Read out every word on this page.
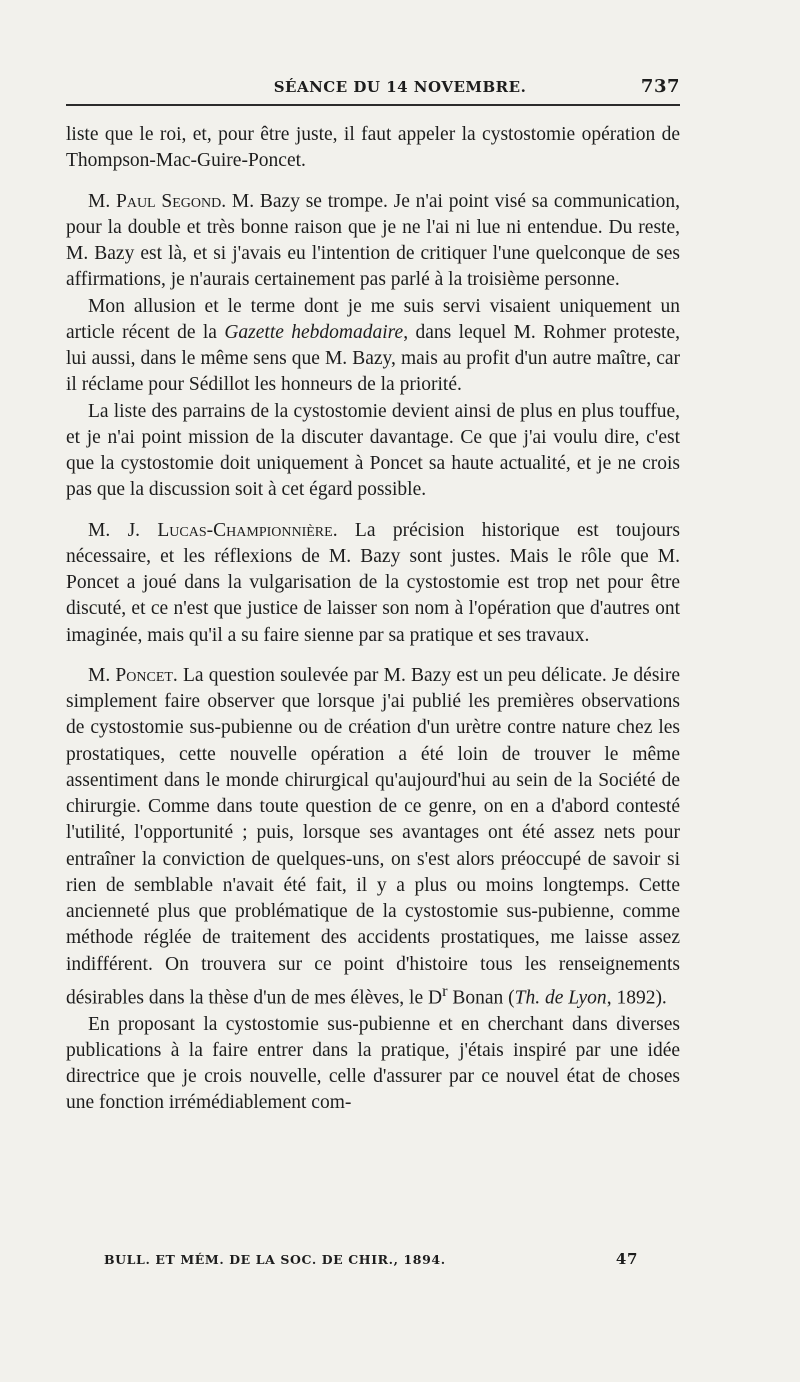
SÉANCE DU 14 NOVEMBRE.	737

liste que le roi, et, pour être juste, il faut appeler la cystostomie opération de Thompson-Mac-Guire-Poncet.

M. Paul Segond. M. Bazy se trompe. Je n'ai point visé sa communication, pour la double et très bonne raison que je ne l'ai ni lue ni entendue. Du reste, M. Bazy est là, et si j'avais eu l'intention de critiquer l'une quelconque de ses affirmations, je n'aurais certainement pas parlé à la troisième personne.

Mon allusion et le terme dont je me suis servi visaient uniquement un article récent de la Gazette hebdomadaire, dans lequel M. Rohmer proteste, lui aussi, dans le même sens que M. Bazy, mais au profit d'un autre maître, car il réclame pour Sédillot les honneurs de la priorité.

La liste des parrains de la cystostomie devient ainsi de plus en plus touffue, et je n'ai point mission de la discuter davantage. Ce que j'ai voulu dire, c'est que la cystostomie doit uniquement à Poncet sa haute actualité, et je ne crois pas que la discussion soit à cet égard possible.

M. J. Lucas-Championnière. La précision historique est toujours nécessaire, et les réflexions de M. Bazy sont justes. Mais le rôle que M. Poncet a joué dans la vulgarisation de la cystostomie est trop net pour être discuté, et ce n'est que justice de laisser son nom à l'opération que d'autres ont imaginée, mais qu'il a su faire sienne par sa pratique et ses travaux.

M. Poncet. La question soulevée par M. Bazy est un peu délicate. Je désire simplement faire observer que lorsque j'ai publié les premières observations de cystostomie sus-pubienne ou de création d'un urètre contre nature chez les prostatiques, cette nouvelle opération a été loin de trouver le même assentiment dans le monde chirurgical qu'aujourd'hui au sein de la Société de chirurgie. Comme dans toute question de ce genre, on en a d'abord contesté l'utilité, l'opportunité ; puis, lorsque ses avantages ont été assez nets pour entraîner la conviction de quelques-uns, on s'est alors préoccupé de savoir si rien de semblable n'avait été fait, il y a plus ou moins longtemps. Cette ancienneté plus que problématique de la cystostomie sus-pubienne, comme méthode réglée de traitement des accidents prostatiques, me laisse assez indifférent. On trouvera sur ce point d'histoire tous les renseignements désirables dans la thèse d'un de mes élèves, le $D^r$ Bonan (Th. de Lyon, 1892).

En proposant la cystostomie sus-pubienne et en cherchant dans diverses publications à la faire entrer dans la pratique, j'étais inspiré par une idée directrice que je crois nouvelle, celle d'assurer par ce nouvel état de choses une fonction irrémédiablement com-

BULL. ET MÉM. DE LA SOC. DE CHIR., 1894.	47
